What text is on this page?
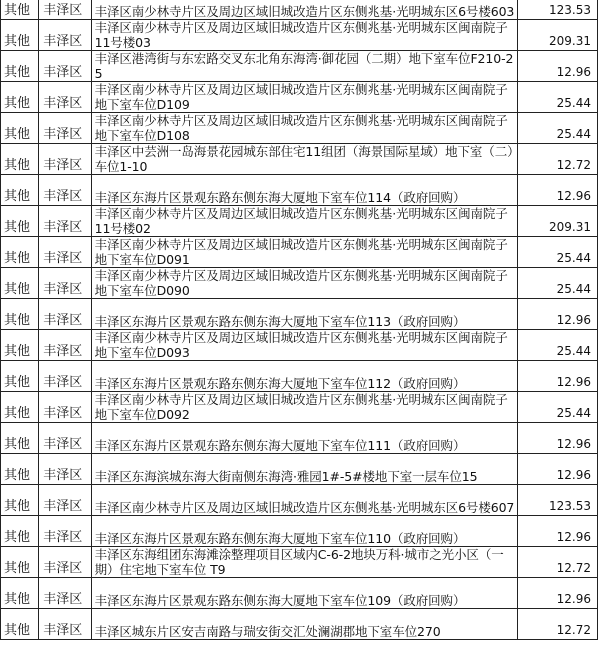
其他	丰泽区	丰泽区南少林寺片区及周边区域旧城改造片区东侧兆基·光明城东区6号楼603	123.53
其他	丰泽区	丰泽区南少林寺片区及周边区域旧城改造片区东侧兆基·光明城东区闽南院子11号楼03	209.31
其他	丰泽区	丰泽区港湾街与东宏路交叉东北角东海湾·御花园（二期）地下室车位F210-25	12.96
其他	丰泽区	丰泽区南少林寺片区及周边区域旧城改造片区东侧兆基·光明城东区闽南院子地下室车位D109	25.44
其他	丰泽区	丰泽区南少林寺片区及周边区域旧城改造片区东侧兆基·光明城东区闽南院子地下室车位D108	25.44
其他	丰泽区	丰泽区中芸洲一岛海景花园城东部住宅11组团（海景国际星域）地下室（二）车位1-10	12.72
其他	丰泽区	丰泽区东海片区景观东路东侧东海大厦地下室车位114（政府回购）	12.96
其他	丰泽区	丰泽区南少林寺片区及周边区域旧城改造片区东侧兆基·光明城东区闽南院子11号楼02	209.31
其他	丰泽区	丰泽区南少林寺片区及周边区域旧城改造片区东侧兆基·光明城东区闽南院子地下室车位D091	25.44
其他	丰泽区	丰泽区南少林寺片区及周边区域旧城改造片区东侧兆基·光明城东区闽南院子地下室车位D090	25.44
其他	丰泽区	丰泽区东海片区景观东路东侧东海大厦地下室车位113（政府回购）	12.96
其他	丰泽区	丰泽区南少林寺片区及周边区域旧城改造片区东侧兆基·光明城东区闽南院子地下室车位D093	25.44
其他	丰泽区	丰泽区东海片区景观东路东侧东海大厦地下室车位112（政府回购）	12.96
其他	丰泽区	丰泽区南少林寺片区及周边区域旧城改造片区东侧兆基·光明城东区闽南院子地下室车位D092	25.44
其他	丰泽区	丰泽区东海片区景观东路东侧东海大厦地下室车位111（政府回购）	12.96
其他	丰泽区	丰泽区东海滨城东海大街南侧东海湾·雅园1#-5#楼地下室一层车位15	12.96
其他	丰泽区	丰泽区南少林寺片区及周边区域旧城改造片区东侧兆基·光明城东区6号楼607	123.53
其他	丰泽区	丰泽区东海片区景观东路东侧东海大厦地下室车位110（政府回购）	12.96
其他	丰泽区	丰泽区东海组团东海滩涂整理项目区域内C-6-2地块万科·城市之光小区（一期）住宅地下室车位 T9	12.72
其他	丰泽区	丰泽区东海片区景观东路东侧东海大厦地下室车位109（政府回购）	12.96
其他	丰泽区	丰泽区城东片区安吉南路与瑞安街交汇处澜湖郡地下室车位270	12.72
